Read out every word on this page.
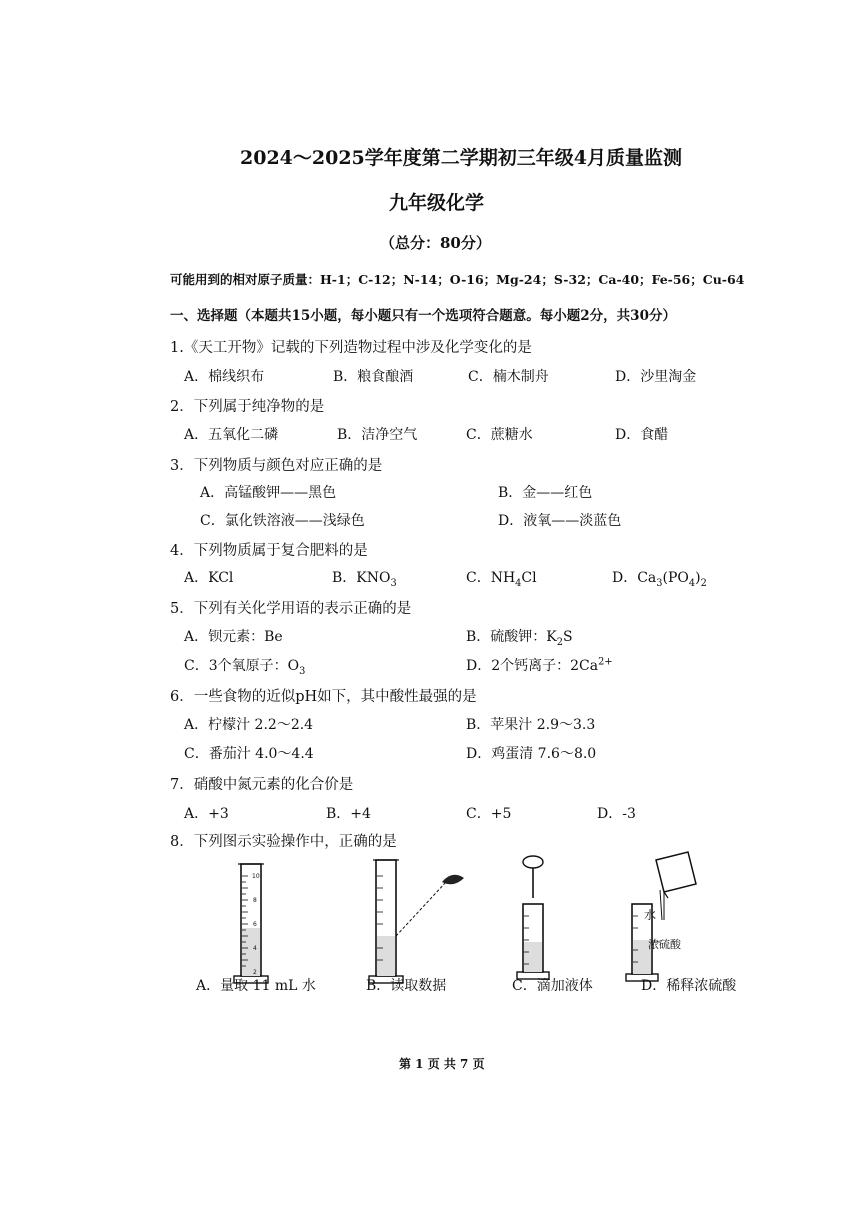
2024～2025学年度第二学期初三年级4月质量监测
九年级化学
（总分：80分）
可能用到的相对原子质量：H-1；C-12；N-14；O-16；Mg-24；S-32；Ca-40；Fe-56；Cu-64
一、选择题（本题共15小题，每小题只有一个选项符合题意。每小题2分，共30分）
1.《天工开物》记载的下列造物过程中涉及化学变化的是
A．棉线织布	B．粮食酿酒	C．楠木制舟	D．沙里淘金
2．下列属于纯净物的是
A．五氧化二磷	B．洁净空气	C．蔗糖水	D．食醋
3．下列物质与颜色对应正确的是
A．高锰酸钾——黑色	B．金——红色
C．氯化铁溶液——浅绿色	D．液氧——淡蓝色
4．下列物质属于复合肥料的是
A．KCl	B．$KNO_3$	C．$NH_4Cl$	D．$Ca_3(PO_4)_2$
5．下列有关化学用语的表示正确的是
A．钡元素：Be	B．硫酸钾：$K_2S$
C．3个氧原子：$O_3$	D．2个钙离子：$2Ca^{2+}$
6．一些食物的近似pH如下，其中酸性最强的是
A．柠檬汁 2.2～2.4	B．苹果汁 2.9～3.3
C．番茄汁 4.0～4.4	D．鸡蛋清 7.6～8.0
7．硝酸中氮元素的化合价是
A．+3	B．+4	C．+5	D．-3
8．下列图示实验操作中，正确的是
10
8
6
4
2
水
浓硫酸
A．量取 11 mL 水	B．读取数据	C．滴加液体	D．稀释浓硫酸
第 1 页 共 7 页
